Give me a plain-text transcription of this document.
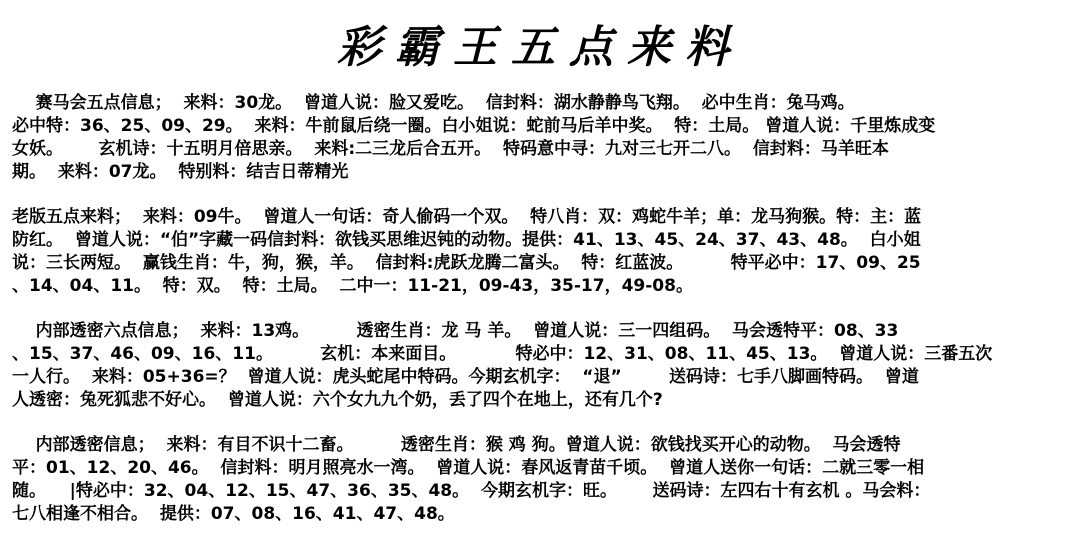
彩霸王五点来料
赛马会五点信息；  来料：30龙。  曾道人说：脸又爱吃。  信封料：湖水静静鸟飞翔。  必中生肖：兔马鸡。
必中特：36、25、09、29。  来料：牛前鼠后绕一圈。白小姐说：蛇前马后羊中奖。  特：土局。 曾道人说：千里炼成变
女妖。      玄机诗：十五明月倍思亲。  来料:二三龙后合五开。  特码意中寻：九对三七开二八。  信封料：马羊旺本
期。  来料：07龙。  特别料：结吉日蒂精光
老版五点来料；  来料：09牛。  曾道人一句话：奇人偷码一个双。  特八肖：双：鸡蛇牛羊；单：龙马狗猴。特：主：蓝
防红。  曾道人说：“伯”字藏一码信封料：欲钱买思维迟钝的动物。提供：41、13、45、24、37、43、48。  白小姐
说：三长两短。  赢钱生肖：牛，狗，猴，羊。  信封料:虎跃龙腾二富头。  特：红蓝波。        特平必中：17、09、25
、14、04、11。  特：双。  特：土局。  二中一：11-21，09-43，35-17，49-08。
内部透密六点信息；  来料：13鸡。        透密生肖：龙 马 羊。  曾道人说：三一四组码。  马会透特平：08、33
、15、37、46、09、16、11。        玄机：本来面目。          特必中：12、31、08、11、45、13。  曾道人说：三番五次
一人行。  来料：05+36=？  曾道人说：虎头蛇尾中特码。今期玄机字：  “退”        送码诗：七手八脚画特码。  曾道
人透密：兔死狐悲不好心。  曾道人说：六个女九九个奶，丢了四个在地上，还有几个?
内部透密信息；  来料：有目不识十二畜。        透密生肖：猴 鸡 狗。曾道人说：欲钱找买开心的动物。  马会透特
平：01、12、20、46。  信封料：明月照亮水一湾。  曾道人说：春风返青苗千顷。  曾道人送你一句话：二就三零一相
随。    |特必中：32、04、12、15、47、36、35、48。  今期玄机字：旺。      送码诗：左四右十有玄机 。马会料：
七八相逢不相合。  提供：07、08、16、41、47、48。
